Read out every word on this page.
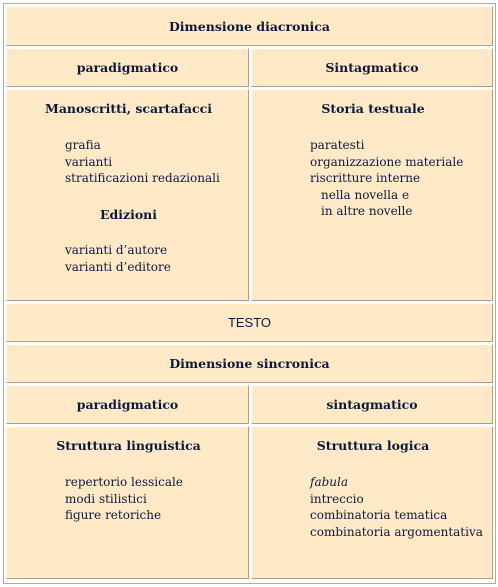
Dimensione diacronica
paradigmatico	Sintagmatico
Manoscritti, scartafacci
grafia
varianti
stratificazioni redazionali
Edizioni
varianti d’autore
varianti d’editore
Storia testuale
paratesti
organizzazione materiale
riscritture interne
nella novella e
in altre novelle
TESTO
Dimensione sincronica
paradigmatico	sintagmatico
Struttura linguistica
repertorio lessicale
modi stilistici
figure retoriche
Struttura logica
fabula
intreccio
combinatoria tematica
combinatoria argomentativa
